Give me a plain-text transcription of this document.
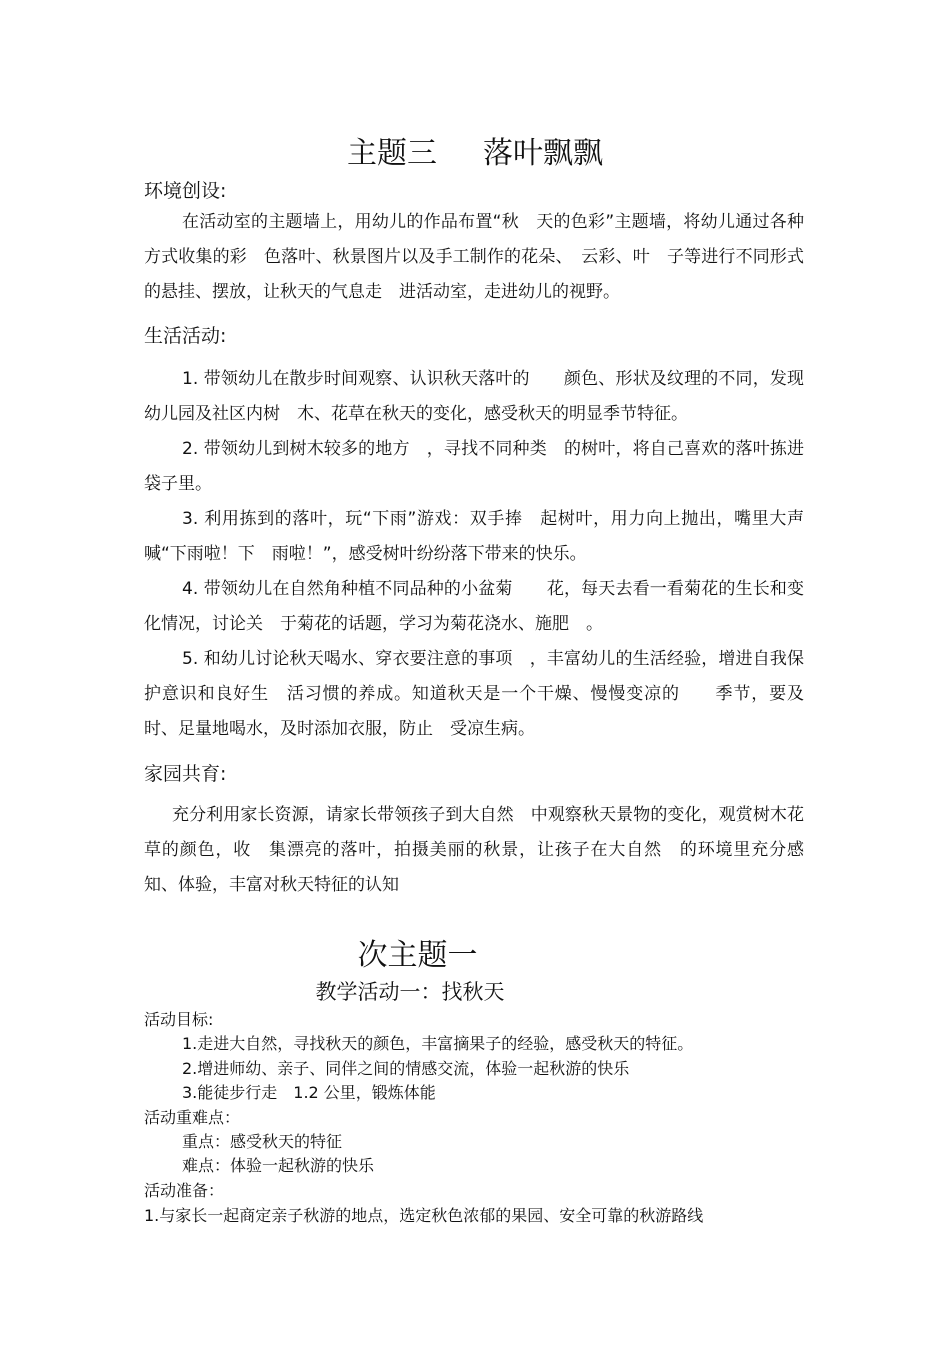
主题三 落叶飘飘
环境创设:

在活动室的主题墙上，用幼儿的作品布置“秋　天的色彩”主题墙，将幼儿通过各种方式收集的彩　色落叶、秋景图片以及手工制作的花朵、　云彩、叶　子等进行不同形式的悬挂、摆放，让秋天的气息走　进活动室，走进幼儿的视野。

生活活动:

1. 带领幼儿在散步时间观察、认识秋天落叶的　　颜色、形状及纹理的不同，发现幼儿园及社区内树　木、花草在秋天的变化，感受秋天的明显季节特征。

2. 带领幼儿到树木较多的地方　，寻找不同种类　的树叶，将自己喜欢的落叶拣进袋子里。

3. 利用拣到的落叶，玩“下雨”游戏：双手捧　起树叶，用力向上抛出，嘴里大声喊“下雨啦！下　雨啦！”，感受树叶纷纷落下带来的快乐。

4. 带领幼儿在自然角种植不同品种的小盆菊　　花，每天去看一看菊花的生长和变化情况，讨论关　于菊花的话题，学习为菊花浇水、施肥　。

5. 和幼儿讨论秋天喝水、穿衣要注意的事项　，丰富幼儿的生活经验，增进自我保护意识和良好生　活习惯的养成。知道秋天是一个干燥、慢慢变凉的　　季节，要及时、足量地喝水，及时添加衣服，防止　受凉生病。

家园共育:

充分利用家长资源，请家长带领孩子到大自然　中观察秋天景物的变化，观赏树木花草的颜色，收　集漂亮的落叶，拍摄美丽的秋景，让孩子在大自然　的环境里充分感知、体验，丰富对秋天特征的认知

次主题一
教学活动一：找秋天
活动目标:
1.走进大自然，寻找秋天的颜色，丰富摘果子的经验，感受秋天的特征。
2.增进师幼、亲子、同伴之间的情感交流，体验一起秋游的快乐
3.能徒步行走　1.2 公里，锻炼体能
活动重难点：
重点：感受秋天的特征
难点：体验一起秋游的快乐
活动准备：
1.与家长一起商定亲子秋游的地点，选定秋色浓郁的果园、安全可靠的秋游路线
